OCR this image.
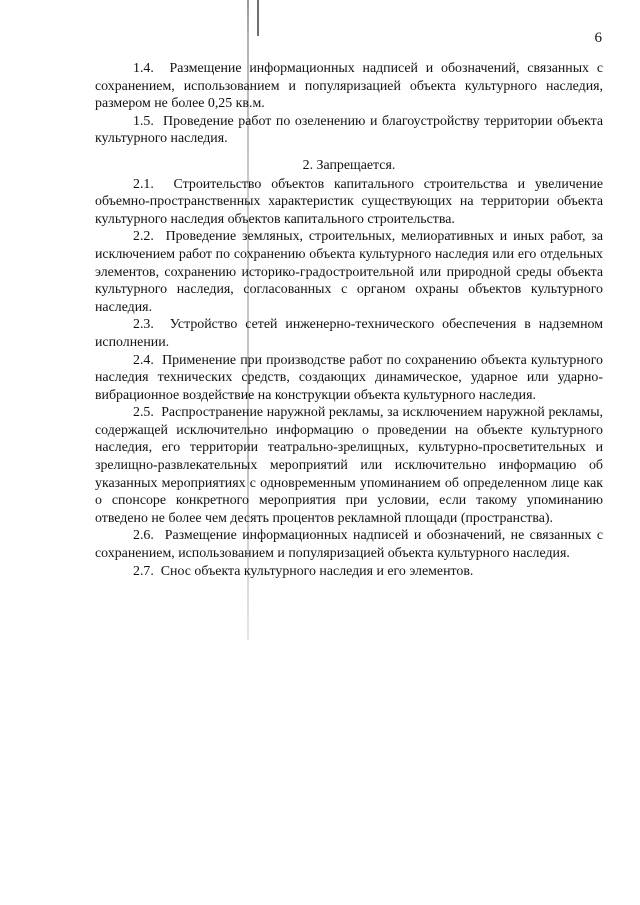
6

1.4. Размещение информационных надписей и обозначений, связанных с сохранением, использованием и популяризацией объекта культурного наследия, размером не более 0,25 кв.м.

1.5. Проведение работ по озеленению и благоустройству территории объекта культурного наследия.

2. Запрещается.

2.1. Строительство объектов капитального строительства и увеличение объемно-пространственных характеристик существующих на территории объекта культурного наследия объектов капитального строительства.

2.2. Проведение земляных, строительных, мелиоративных и иных работ, за исключением работ по сохранению объекта культурного наследия или его отдельных элементов, сохранению историко-градостроительной или природной среды объекта культурного наследия, согласованных с органом охраны объектов культурного наследия.

2.3. Устройство сетей инженерно-технического обеспечения в надземном исполнении.

2.4. Применение при производстве работ по сохранению объекта культурного наследия технических средств, создающих динамическое, ударное или ударно-вибрационное воздействие на конструкции объекта культурного наследия.

2.5. Распространение наружной рекламы, за исключением наружной рекламы, содержащей исключительно информацию о проведении на объекте культурного наследия, его территории театрально-зрелищных, культурно-просветительных и зрелищно-развлекательных мероприятий или исключительно информацию об указанных мероприятиях с одновременным упоминанием об определенном лице как о спонсоре конкретного мероприятия при условии, если такому упоминанию отведено не более чем десять процентов рекламной площади (пространства).

2.6. Размещение информационных надписей и обозначений, не связанных с сохранением, использованием и популяризацией объекта культурного наследия.

2.7. Снос объекта культурного наследия и его элементов.
